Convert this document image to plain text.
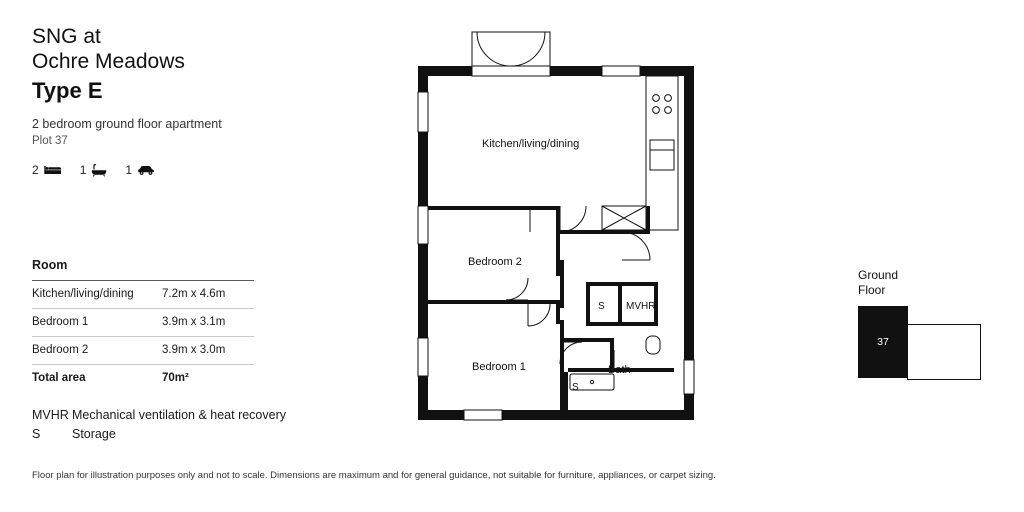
SNG at
Ochre Meadows
Type E
2 bedroom ground floor apartment
Plot 37
2	1	1
Room
Kitchen/living/dining	7.2m x 4.6m
Bedroom 1	3.9m x 3.1m
Bedroom 2	3.9m x 3.0m
Total area	70m²
MVHR Mechanical ventilation & heat recovery
S	Storage
Floor plan for illustration purposes only and not to scale. Dimensions are maximum and for general guidance, not suitable for furniture, appliances, or carpet sizing.
Kitchen/living/dining
Bedroom 2
Bedroom 1	Bath
MVHR
S
S
Ground
Floor
37
